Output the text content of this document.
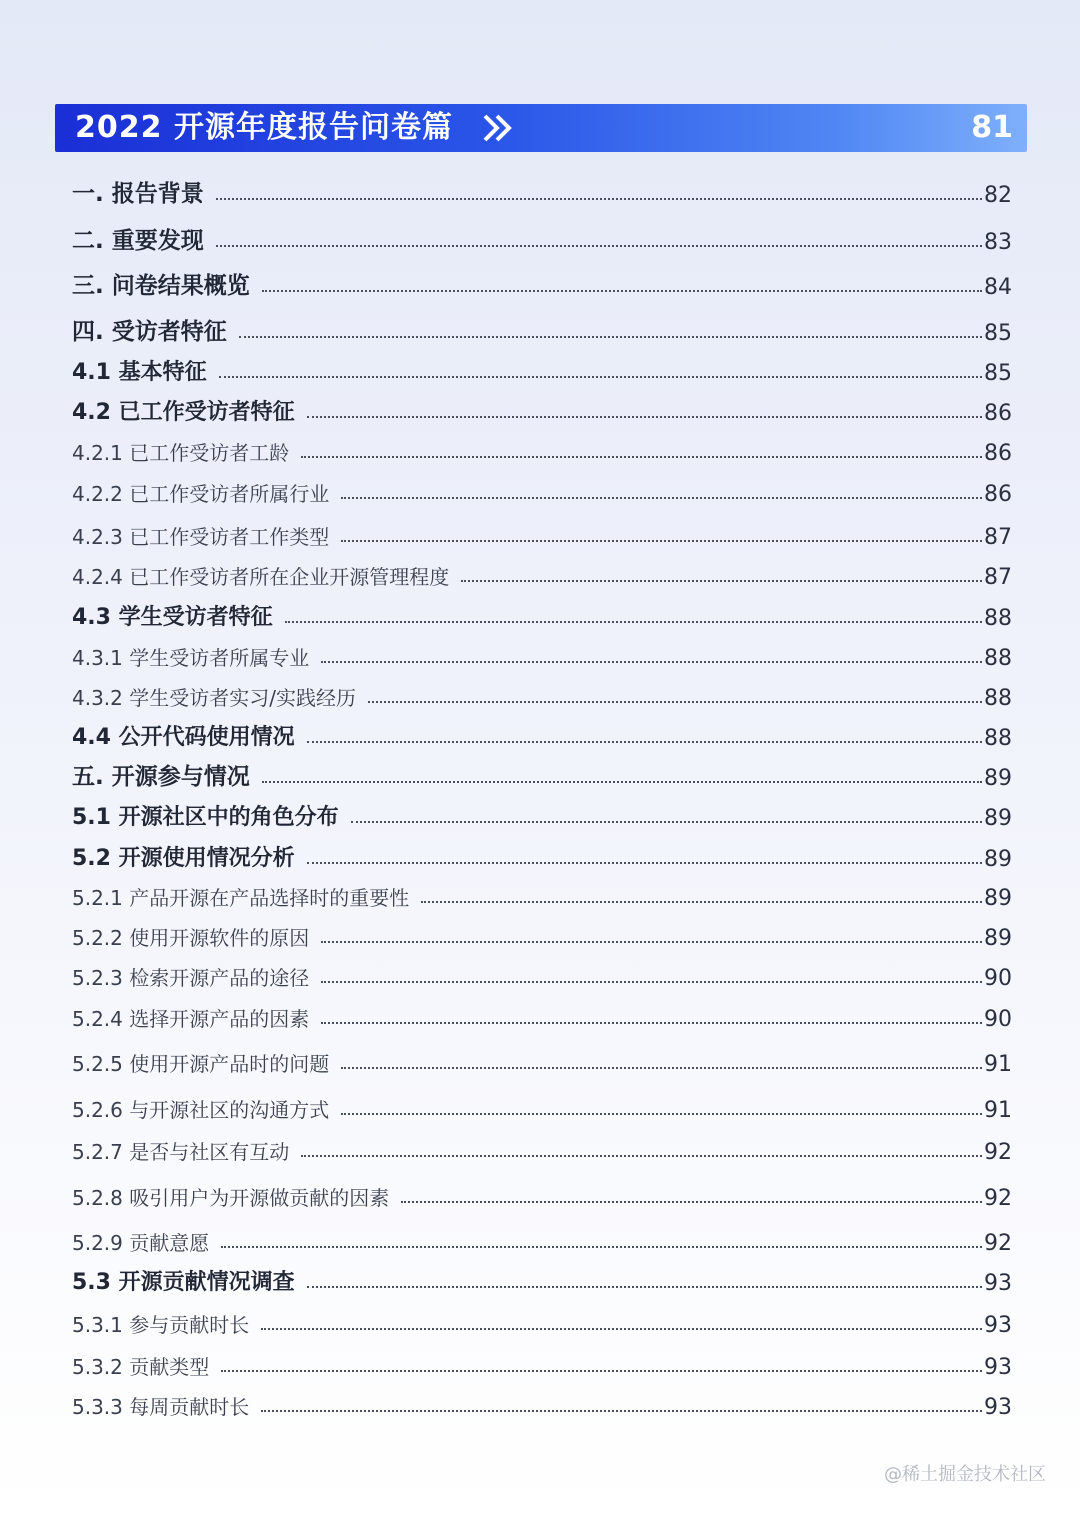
2022 开源年度报告问卷篇	81
一. 报告背景	82
二. 重要发现	83
三. 问卷结果概览	84
四. 受访者特征	85
4.1 基本特征	85
4.2 已工作受访者特征	86
4.2.1 已工作受访者工龄	86
4.2.2 已工作受访者所属行业	86
4.2.3 已工作受访者工作类型	87
4.2.4 已工作受访者所在企业开源管理程度	87
4.3 学生受访者特征	88
4.3.1 学生受访者所属专业	88
4.3.2 学生受访者实习/实践经历	88
4.4 公开代码使用情况	88
五. 开源参与情况	89
5.1 开源社区中的角色分布	89
5.2 开源使用情况分析	89
5.2.1 产品开源在产品选择时的重要性	89
5.2.2 使用开源软件的原因	89
5.2.3 检索开源产品的途径	90
5.2.4 选择开源产品的因素	90
5.2.5 使用开源产品时的问题	91
5.2.6 与开源社区的沟通方式	91
5.2.7 是否与社区有互动	92
5.2.8 吸引用户为开源做贡献的因素	92
5.2.9 贡献意愿	92
5.3 开源贡献情况调查	93
5.3.1 参与贡献时长	93
5.3.2 贡献类型	93
5.3.3 每周贡献时长	93
@稀土掘金技术社区
